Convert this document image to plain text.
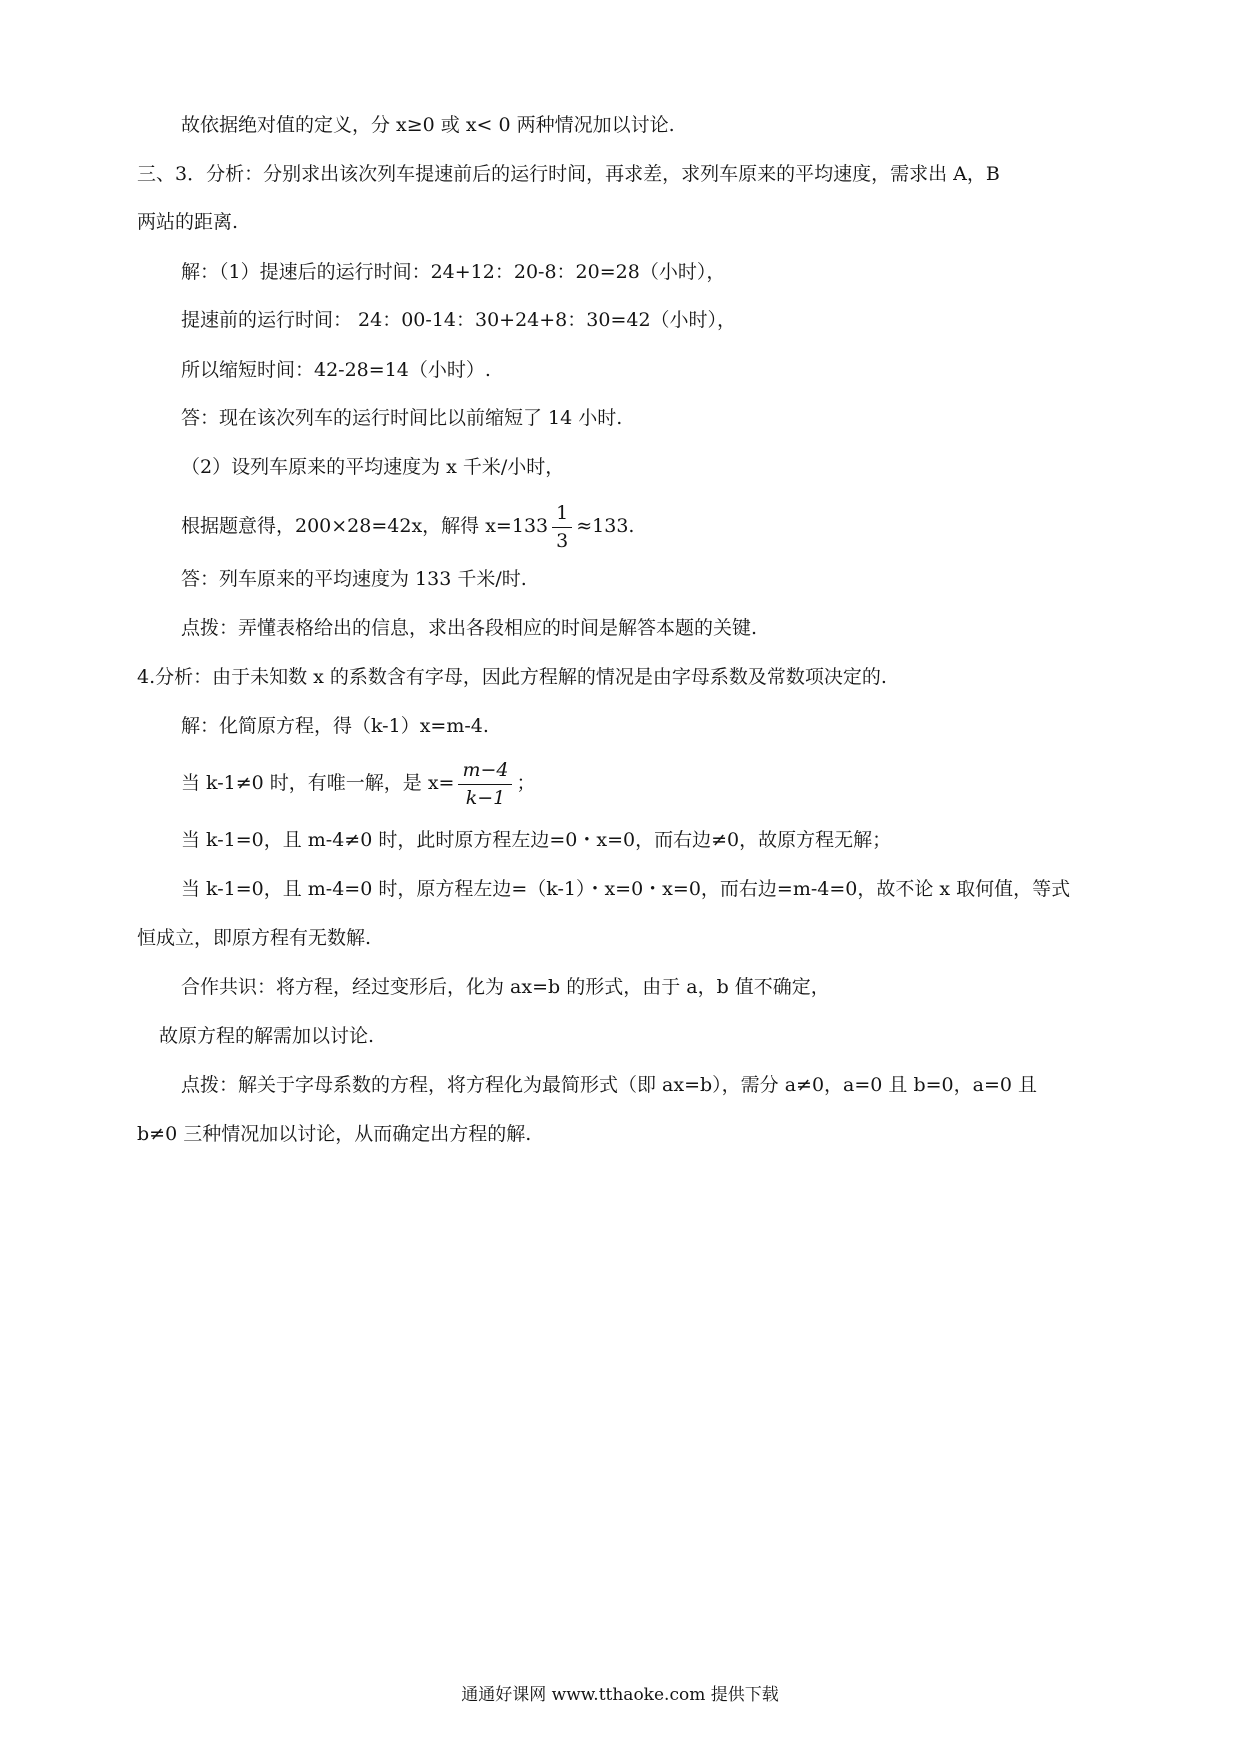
故依据绝对值的定义，分 x≥0 或 x< 0 两种情况加以讨论.
三、3．分析：分别求出该次列车提速前后的运行时间，再求差，求列车原来的平均速度，需求出 A，B
两站的距离.
解：（1）提速后的运行时间：24+12：20-8：20=28（小时），
提速前的运行时间： 24：00-14：30+24+8：30=42（小时），
所以缩短时间：42-28=14（小时）.
答：现在该次列车的运行时间比以前缩短了 14 小时.
（2）设列车原来的平均速度为 x 千米/小时，
根据题意得，200×28=42x，解得 $x=133 \frac{1}{3} \approx 133$.
答：列车原来的平均速度为 133 千米/时.
点拨：弄懂表格给出的信息，求出各段相应的时间是解答本题的关键.
4.分析：由于未知数 x 的系数含有字母，因此方程解的情况是由字母系数及常数项决定的.
解：化简原方程，得（k-1）x=m-4.
当 k-1≠0 时，有唯一解，是 $x= \frac{m-4}{k-1}$ ；
当 k-1=0，且 m-4≠0 时，此时原方程左边=0・x=0，而右边≠0，故原方程无解；
当 k-1=0，且 m-4=0 时，原方程左边=（k-1）・x=0・x=0，而右边=m-4=0，故不论 x 取何值，等式
恒成立，即原方程有无数解.
合作共识：将方程，经过变形后，化为 ax=b 的形式，由于 a，b 值不确定，
故原方程的解需加以讨论.
点拨：解关于字母系数的方程，将方程化为最简形式（即 ax=b），需分 a≠0，a=0 且 b=0，a=0 且
b≠0 三种情况加以讨论，从而确定出方程的解.
通通好课网 www.tthaoke.com 提供下载
